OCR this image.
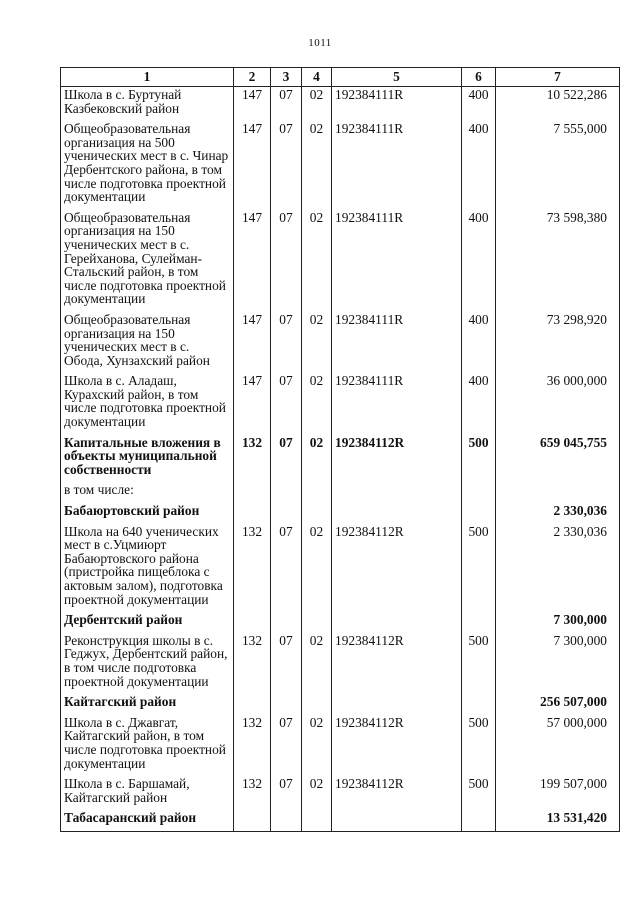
1011
1	2	3	4	5	6	7
Школа в с. Буртунай Казбековский район	147	07	02	192384111R	400	10 522,286
Общеобразовательная организация на 500 ученических мест в с. Чинар Дербентского района, в том числе подготовка проектной документации	147	07	02	192384111R	400	7 555,000
Общеобразовательная организация на 150 ученических мест в с. Герейханова, Сулейман-Стальский район, в том числе подготовка проектной документации	147	07	02	192384111R	400	73 598,380
Общеобразовательная организация на 150 ученических мест в с. Обода, Хунзахский район	147	07	02	192384111R	400	73 298,920
Школа в с. Аладаш, Курахский район, в том числе подготовка проектной документации	147	07	02	192384111R	400	36 000,000
Капитальные вложения в объекты муниципальной собственности	132	07	02	192384112R	500	659 045,755
в том числе:						
Бабаюртовский район						2 330,036
Школа на 640 ученических мест в с.Уцмиюрт Бабаюртовского района (пристройка пищеблока с актовым залом), подготовка проектной документации	132	07	02	192384112R	500	2 330,036
Дербентский район						7 300,000
Реконструкция школы в с. Геджух, Дербентский район, в том числе подготовка проектной документации	132	07	02	192384112R	500	7 300,000
Кайтагский район						256 507,000
Школа в с. Джавгат, Кайтагский район, в том числе подготовка проектной документации	132	07	02	192384112R	500	57 000,000
Школа в с. Баршамай, Кайтагский район	132	07	02	192384112R	500	199 507,000
Табасаранский район						13 531,420
